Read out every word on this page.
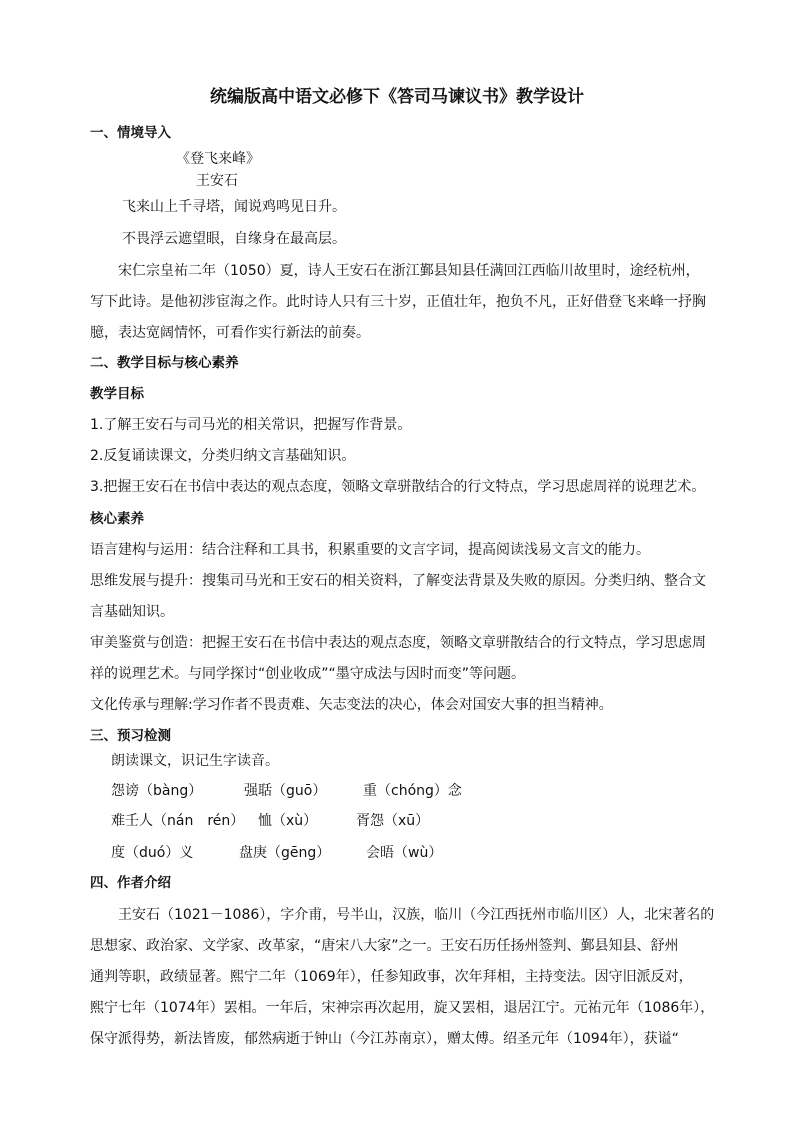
统编版高中语文必修下《答司马谏议书》教学设计
一、情境导入
《登飞来峰》
王安石
飞来山上千寻塔，闻说鸡鸣见日升。
不畏浮云遮望眼，自缘身在最高层。
宋仁宗皇祐二年（1050）夏，诗人王安石在浙江鄞县知县任满回江西临川故里时，途经杭州，
写下此诗。是他初涉宦海之作。此时诗人只有三十岁，正值壮年，抱负不凡，正好借登飞来峰一抒胸
臆，表达宽阔情怀，可看作实行新法的前奏。
二、教学目标与核心素养
教学目标
1.了解王安石与司马光的相关常识，把握写作背景。
2.反复诵读课文，分类归纳文言基础知识。
3.把握王安石在书信中表达的观点态度，领略文章骈散结合的行文特点，学习思虑周祥的说理艺术。
核心素养
语言建构与运用：结合注释和工具书，积累重要的文言字词，提高阅读浅易文言文的能力。
思维发展与提升：搜集司马光和王安石的相关资料，了解变法背景及失败的原因。分类归纳、整合文
言基础知识。
审美鉴赏与创造：把握王安石在书信中表达的观点态度，领略文章骈散结合的行文特点，学习思虑周
祥的说理艺术。与同学探讨“创业收成”“墨守成法与因时而变”等问题。
文化传承与理解:学习作者不畏责难、矢志变法的决心，体会对国安大事的担当精神。
三、预习检测
朗读课文，识记生字读音。
怨谤（bàng）	强聒（guō）	重（chóng）念
难壬人（nán　rén） 恤（xù）	胥怨（xū）
度（duó）义	盘庚（gēng）	会晤（wù）
四、作者介绍
王安石（1021－1086），字介甫，号半山，汉族，临川（今江西抚州市临川区）人，北宋著名的
思想家、政治家、文学家、改革家，“唐宋八大家”之一。王安石历任扬州签判、鄞县知县、舒州
通判等职，政绩显著。熙宁二年（1069年），任参知政事，次年拜相，主持变法。因守旧派反对，
熙宁七年（1074年）罢相。一年后，宋神宗再次起用，旋又罢相，退居江宁。元祐元年（1086年），
保守派得势，新法皆废，郁然病逝于钟山（今江苏南京），赠太傅。绍圣元年（1094年），获谥“
